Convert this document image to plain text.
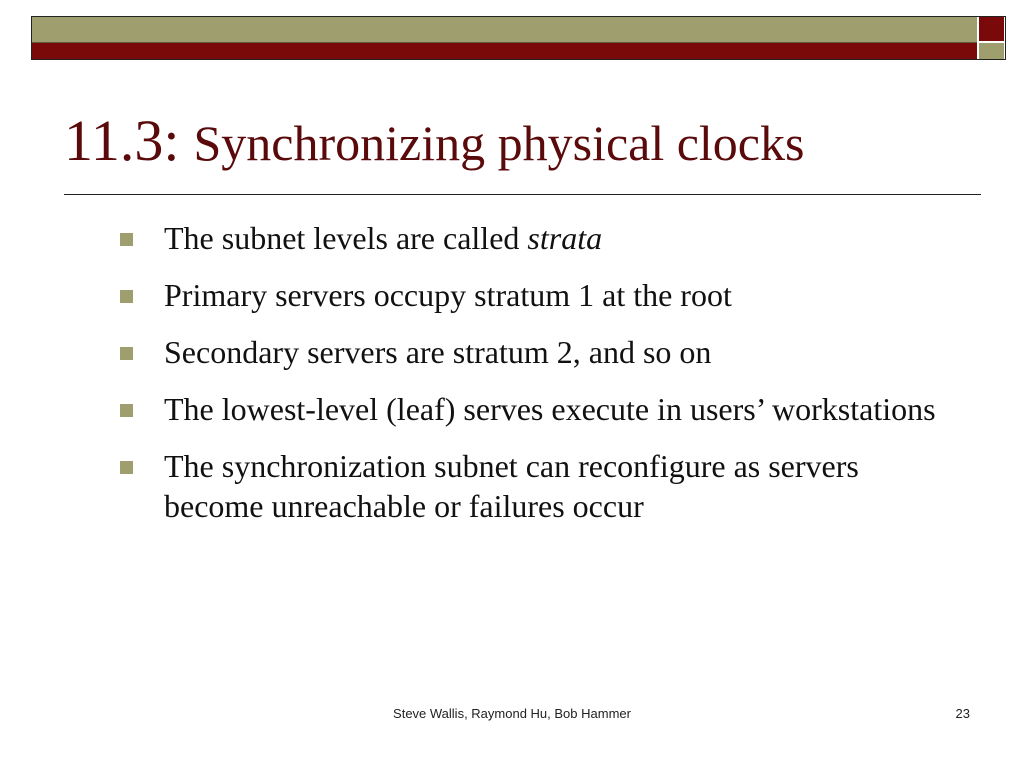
11.3: Synchronizing physical clocks
The subnet levels are called strata
Primary servers occupy stratum 1 at the root
Secondary servers are stratum 2, and so on
The lowest-level (leaf) serves execute in users’ workstations
The synchronization subnet can reconfigure as servers become unreachable or failures occur
Steve Wallis, Raymond Hu, Bob Hammer	23
